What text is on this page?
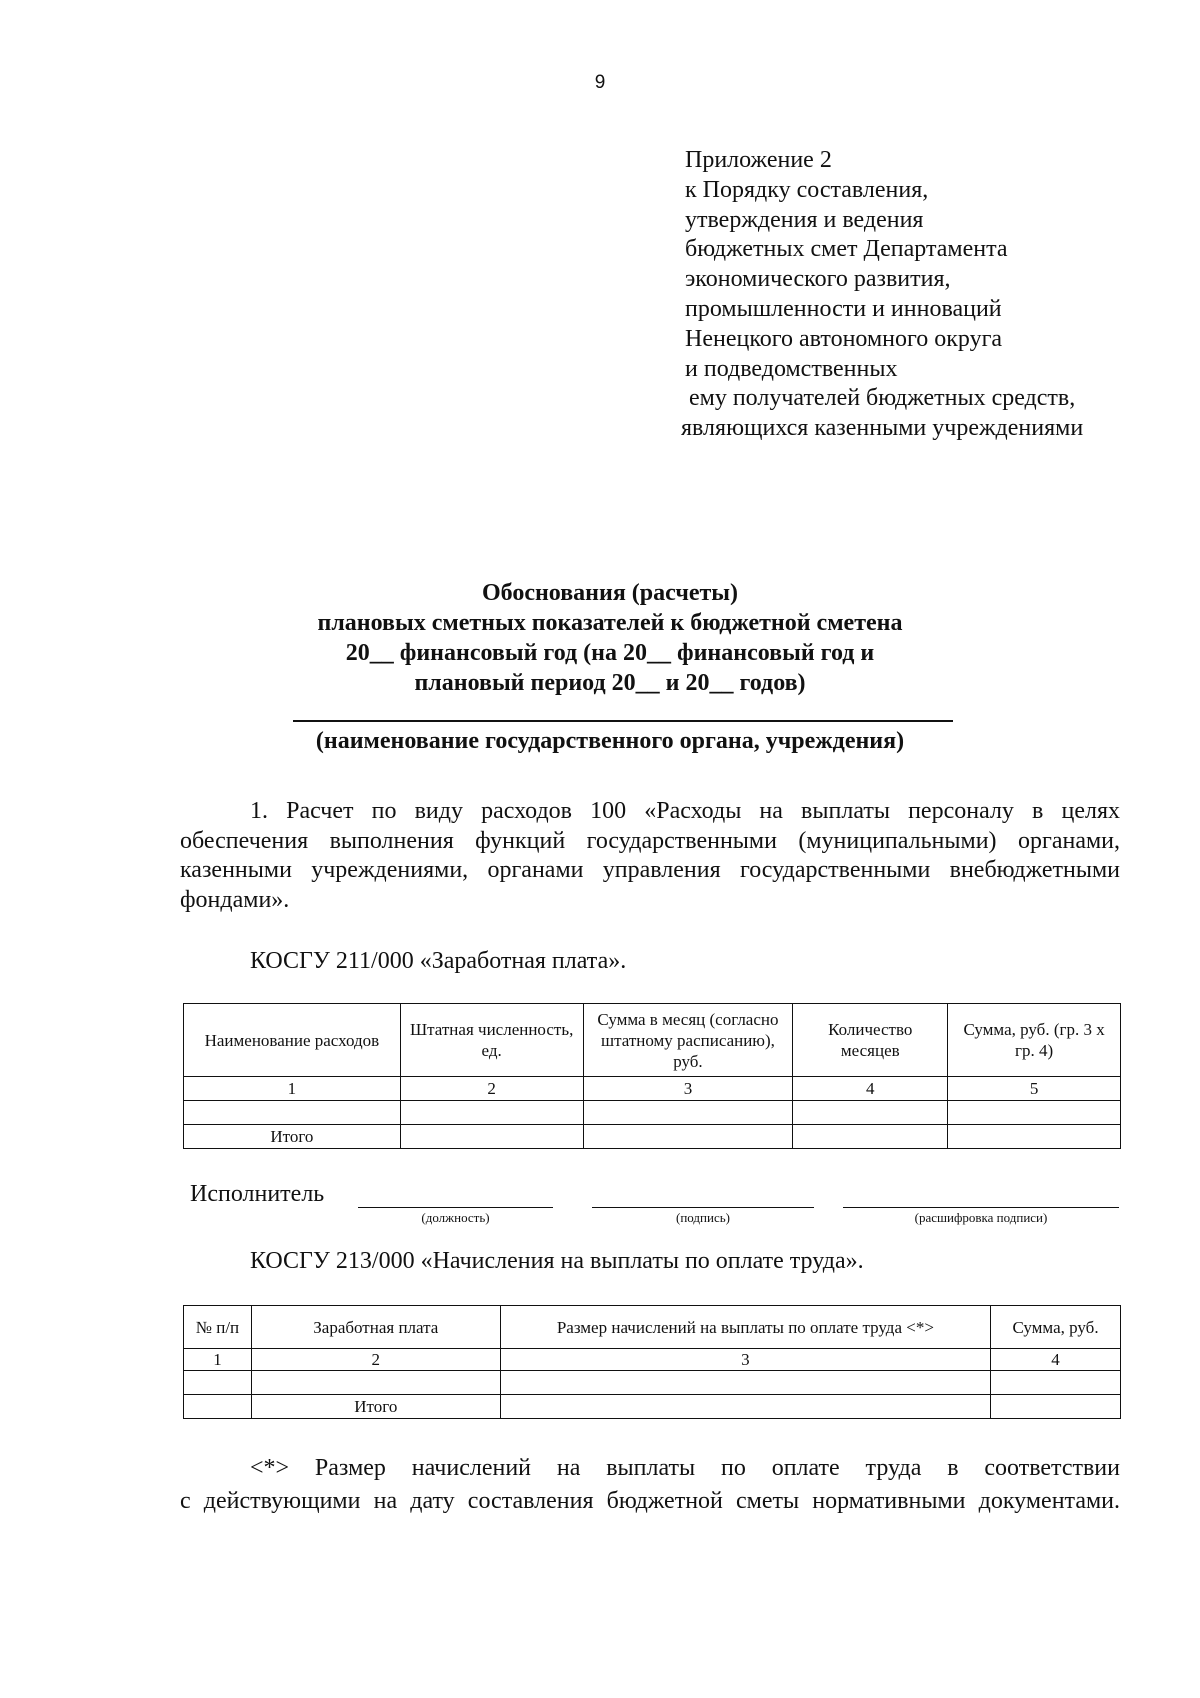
9
Приложение 2
к Порядку составления,
утверждения и ведения
бюджетных смет Департамента
экономического развития,
промышленности и инноваций
Ненецкого автономного округа
и подведомственных
ему получателей бюджетных средств,
являющихся казенными учреждениями
Обоснования (расчеты)
плановых сметных показателей к бюджетной сметена
20__ финансовый год (на 20__ финансовый год и
плановый период 20__ и 20__ годов)
(наименование государственного органа, учреждения)
1. Расчет по виду расходов 100 «Расходы на выплаты персоналу в целях
обеспечения выполнения функций государственными (муниципальными) органами,
казенными учреждениями, органами управления государственными внебюджетными
фондами».
КОСГУ 211/000 «Заработная плата».
Наименование расходов	Штатная численность, ед.	Сумма в месяц (согласно штатному расписанию), руб.	Количество месяцев	Сумма, руб. (гр. 3 x гр. 4)
1	2	3	4	5

Итого				
Исполнитель
(должность)	(подпись)	(расшифровка подписи)
КОСГУ 213/000 «Начисления на выплаты по оплате труда».
№ п/п	Заработная плата	Размер начислений на выплаты по оплате труда <*>	Сумма, руб.
1	2	3	4

	Итого		
<*> Размер начислений на выплаты по оплате труда в соответствии
с действующими на дату составления бюджетной сметы нормативными документами.
